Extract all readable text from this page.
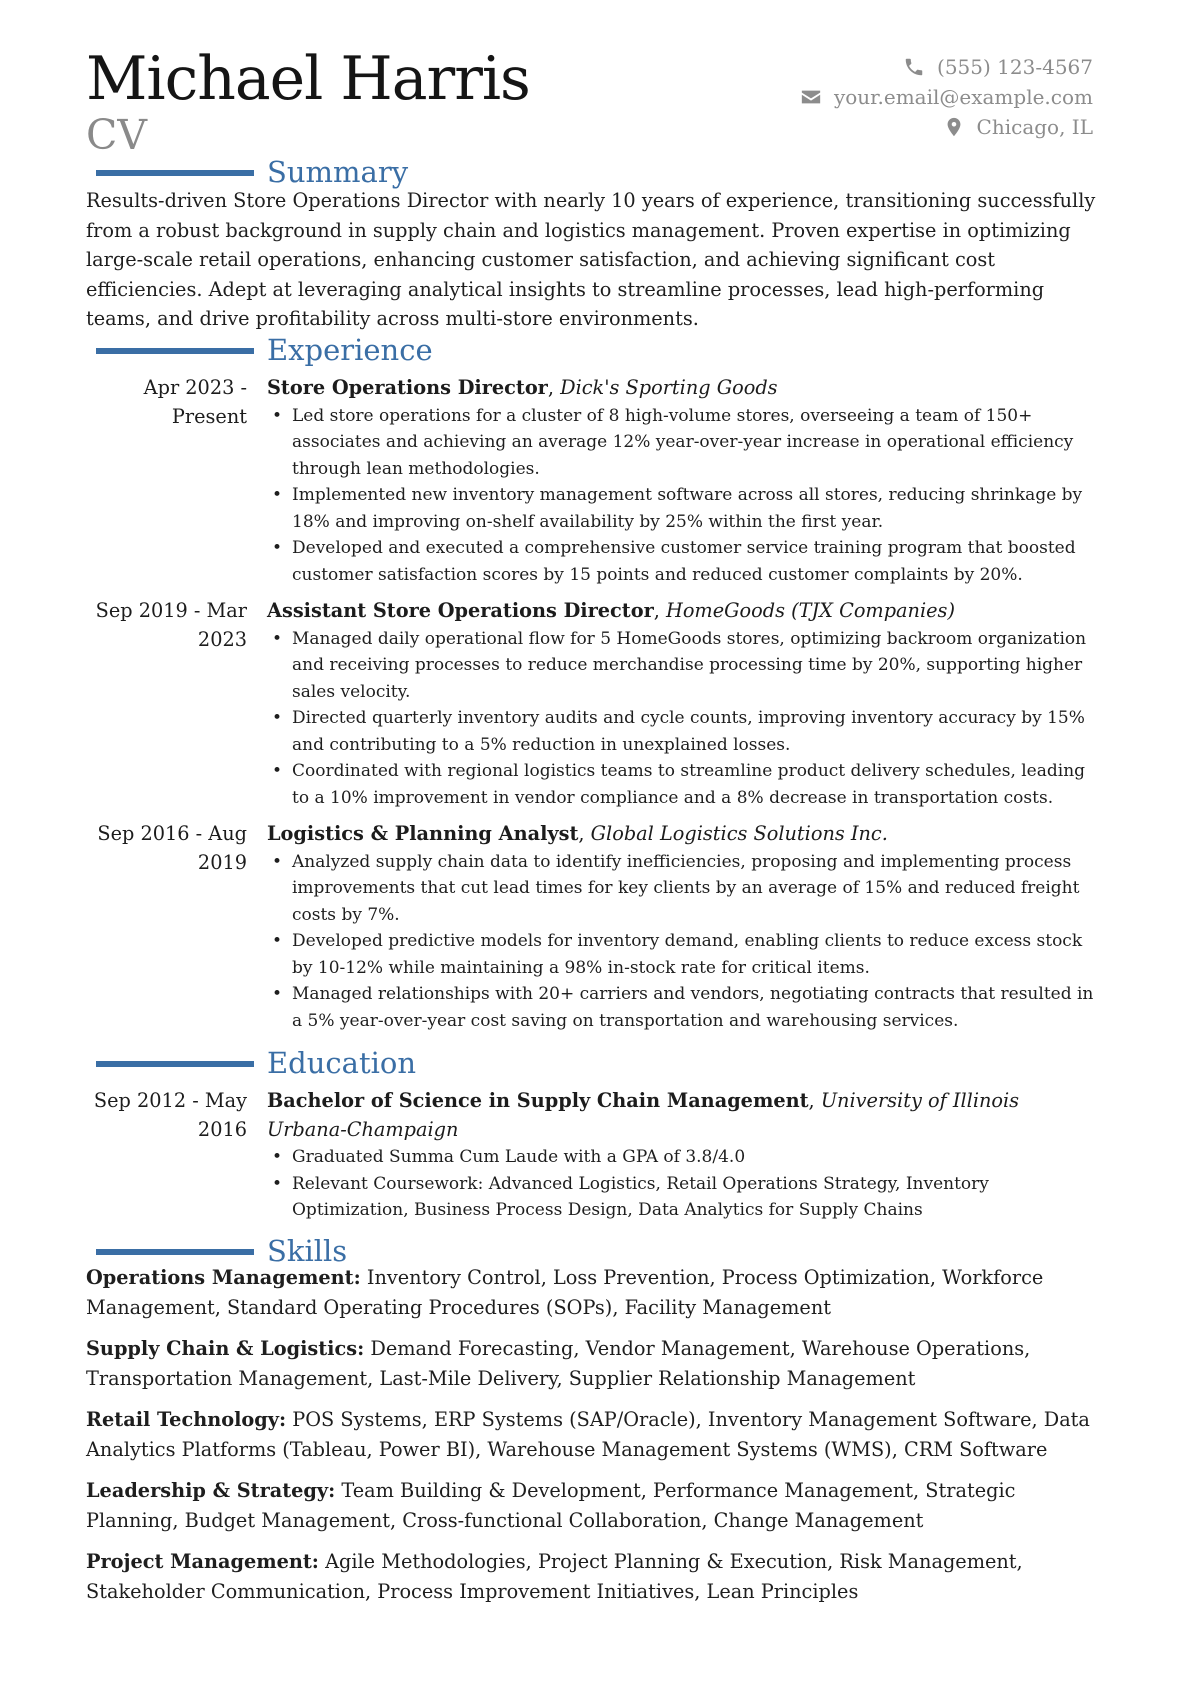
Michael Harris
CV
(555) 123-4567
your.email@example.com
Chicago, IL
Summary
Results-driven Store Operations Director with nearly 10 years of experience, transitioning successfully from a robust background in supply chain and logistics management. Proven expertise in optimizing large-scale retail operations, enhancing customer satisfaction, and achieving significant cost efficiencies. Adept at leveraging analytical insights to streamline processes, lead high-performing teams, and drive profitability across multi-store environments.
Experience
Apr 2023 -
Present
Store Operations Director, Dick's Sporting Goods
• Led store operations for a cluster of 8 high-volume stores, overseeing a team of 150+ associates and achieving an average 12% year-over-year increase in operational efficiency through lean methodologies.
• Implemented new inventory management software across all stores, reducing shrinkage by 18% and improving on-shelf availability by 25% within the first year.
• Developed and executed a comprehensive customer service training program that boosted customer satisfaction scores by 15 points and reduced customer complaints by 20%.
Sep 2019 - Mar
2023
Assistant Store Operations Director, HomeGoods (TJX Companies)
• Managed daily operational flow for 5 HomeGoods stores, optimizing backroom organization and receiving processes to reduce merchandise processing time by 20%, supporting higher sales velocity.
• Directed quarterly inventory audits and cycle counts, improving inventory accuracy by 15% and contributing to a 5% reduction in unexplained losses.
• Coordinated with regional logistics teams to streamline product delivery schedules, leading to a 10% improvement in vendor compliance and a 8% decrease in transportation costs.
Sep 2016 - Aug
2019
Logistics & Planning Analyst, Global Logistics Solutions Inc.
• Analyzed supply chain data to identify inefficiencies, proposing and implementing process improvements that cut lead times for key clients by an average of 15% and reduced freight costs by 7%.
• Developed predictive models for inventory demand, enabling clients to reduce excess stock by 10-12% while maintaining a 98% in-stock rate for critical items.
• Managed relationships with 20+ carriers and vendors, negotiating contracts that resulted in a 5% year-over-year cost saving on transportation and warehousing services.
Education
Sep 2012 - May
2016
Bachelor of Science in Supply Chain Management, University of Illinois Urbana-Champaign
• Graduated Summa Cum Laude with a GPA of 3.8/4.0
• Relevant Coursework: Advanced Logistics, Retail Operations Strategy, Inventory Optimization, Business Process Design, Data Analytics for Supply Chains
Skills
Operations Management: Inventory Control, Loss Prevention, Process Optimization, Workforce Management, Standard Operating Procedures (SOPs), Facility Management
Supply Chain & Logistics: Demand Forecasting, Vendor Management, Warehouse Operations, Transportation Management, Last-Mile Delivery, Supplier Relationship Management
Retail Technology: POS Systems, ERP Systems (SAP/Oracle), Inventory Management Software, Data Analytics Platforms (Tableau, Power BI), Warehouse Management Systems (WMS), CRM Software
Leadership & Strategy: Team Building & Development, Performance Management, Strategic Planning, Budget Management, Cross-functional Collaboration, Change Management
Project Management: Agile Methodologies, Project Planning & Execution, Risk Management, Stakeholder Communication, Process Improvement Initiatives, Lean Principles
